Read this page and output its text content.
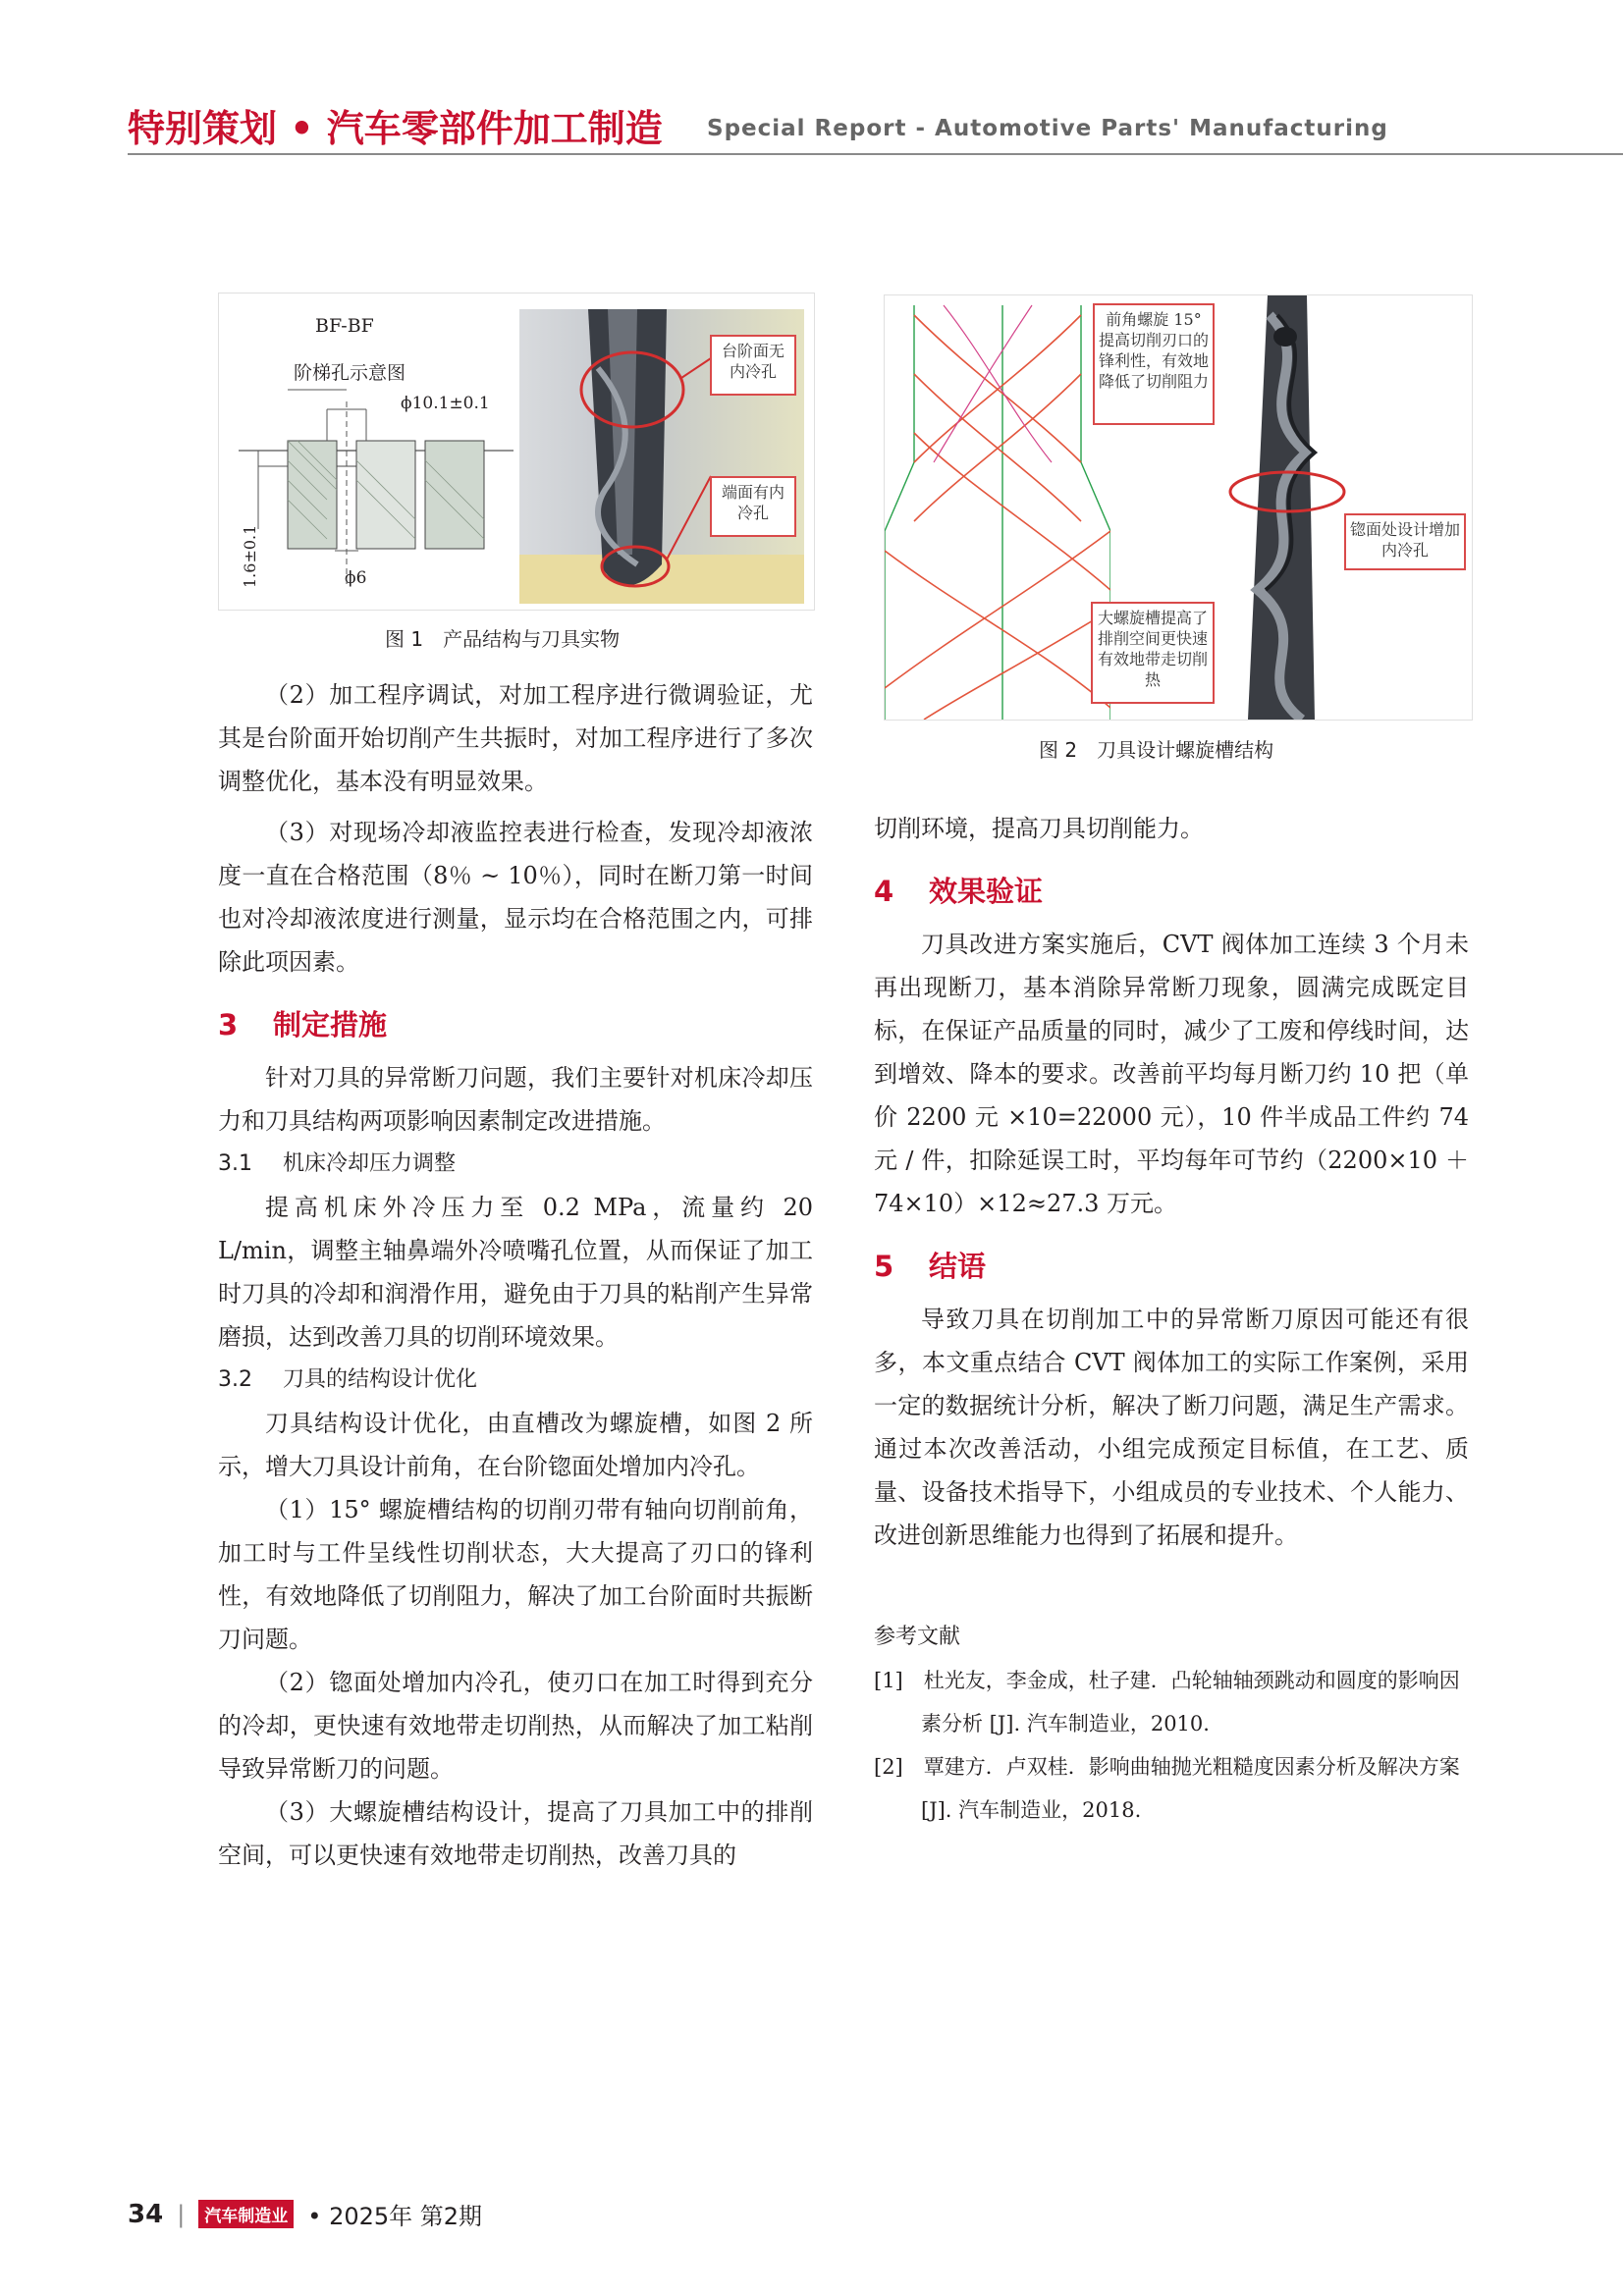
特别策划 • 汽车零部件加工制造 Special Report - Automotive Parts' Manufacturing
BF-BF
阶梯孔示意图
ϕ10.1±0.1
1.6±0.1	ϕ6
台阶面无内冷孔
端面有内冷孔
图 1　产品结构与刀具实物
前角螺旋 15° 提高切削刃口的锋利性，有效地降低了切削阻力
锪面处设计增加内冷孔
大螺旋槽提高了排削空间更快速有效地带走切削热
图 2　刀具设计螺旋槽结构

（2）加工程序调试，对加工程序进行微调验证，尤其是台阶面开始切削产生共振时，对加工程序进行了多次调整优化，基本没有明显效果。

（3）对现场冷却液监控表进行检查，发现冷却液浓度一直在合格范围（8％ ~ 10％），同时在断刀第一时间也对冷却液浓度进行测量，显示均在合格范围之内，可排除此项因素。

3 制定措施

针对刀具的异常断刀问题，我们主要针对机床冷却压力和刀具结构两项影响因素制定改进措施。

3.1 机床冷却压力调整

提高机床外冷压力至 0.2 MPa，流量约 20 L/min，调整主轴鼻端外冷喷嘴孔位置，从而保证了加工时刀具的冷却和润滑作用，避免由于刀具的粘削产生异常磨损，达到改善刀具的切削环境效果。

3.2 刀具的结构设计优化

刀具结构设计优化，由直槽改为螺旋槽，如图 2 所示，增大刀具设计前角，在台阶锪面处增加内冷孔。

（1）15° 螺旋槽结构的切削刃带有轴向切削前角，加工时与工件呈线性切削状态，大大提高了刃口的锋利性，有效地降低了切削阻力，解决了加工台阶面时共振断刀问题。

（2）锪面处增加内冷孔，使刃口在加工时得到充分的冷却，更快速有效地带走切削热，从而解决了加工粘削导致异常断刀的问题。

（3）大螺旋槽结构设计，提高了刀具加工中的排削空间，可以更快速有效地带走切削热，改善刀具的

切削环境，提高刀具切削能力。

4 效果验证

刀具改进方案实施后，CVT 阀体加工连续 3 个月未再出现断刀，基本消除异常断刀现象，圆满完成既定目标，在保证产品质量的同时，减少了工废和停线时间，达到增效、降本的要求。改善前平均每月断刀约 10 把（单价 2200 元 ×10=22000 元），10 件半成品工件约 74 元 / 件，扣除延误工时，平均每年可节约（2200×10 ＋ 74×10）×12≈27.3 万元。

5 结语

导致刀具在切削加工中的异常断刀原因可能还有很多，本文重点结合 CVT 阀体加工的实际工作案例，采用一定的数据统计分析，解决了断刀问题，满足生产需求。通过本次改善活动，小组完成预定目标值，在工艺、质量、设备技术指导下，小组成员的专业技术、个人能力、改进创新思维能力也得到了拓展和提升。

参考文献
[1]　杜光友，李金成，杜子建．凸轮轴轴颈跳动和圆度的影响因素分析 [J]. 汽车制造业，2010.
[2]　覃建方．卢双桂．影响曲轴抛光粗糙度因素分析及解决方案 [J]. 汽车制造业，2018.
34 |	汽车制造业 • 2025年 第2期
